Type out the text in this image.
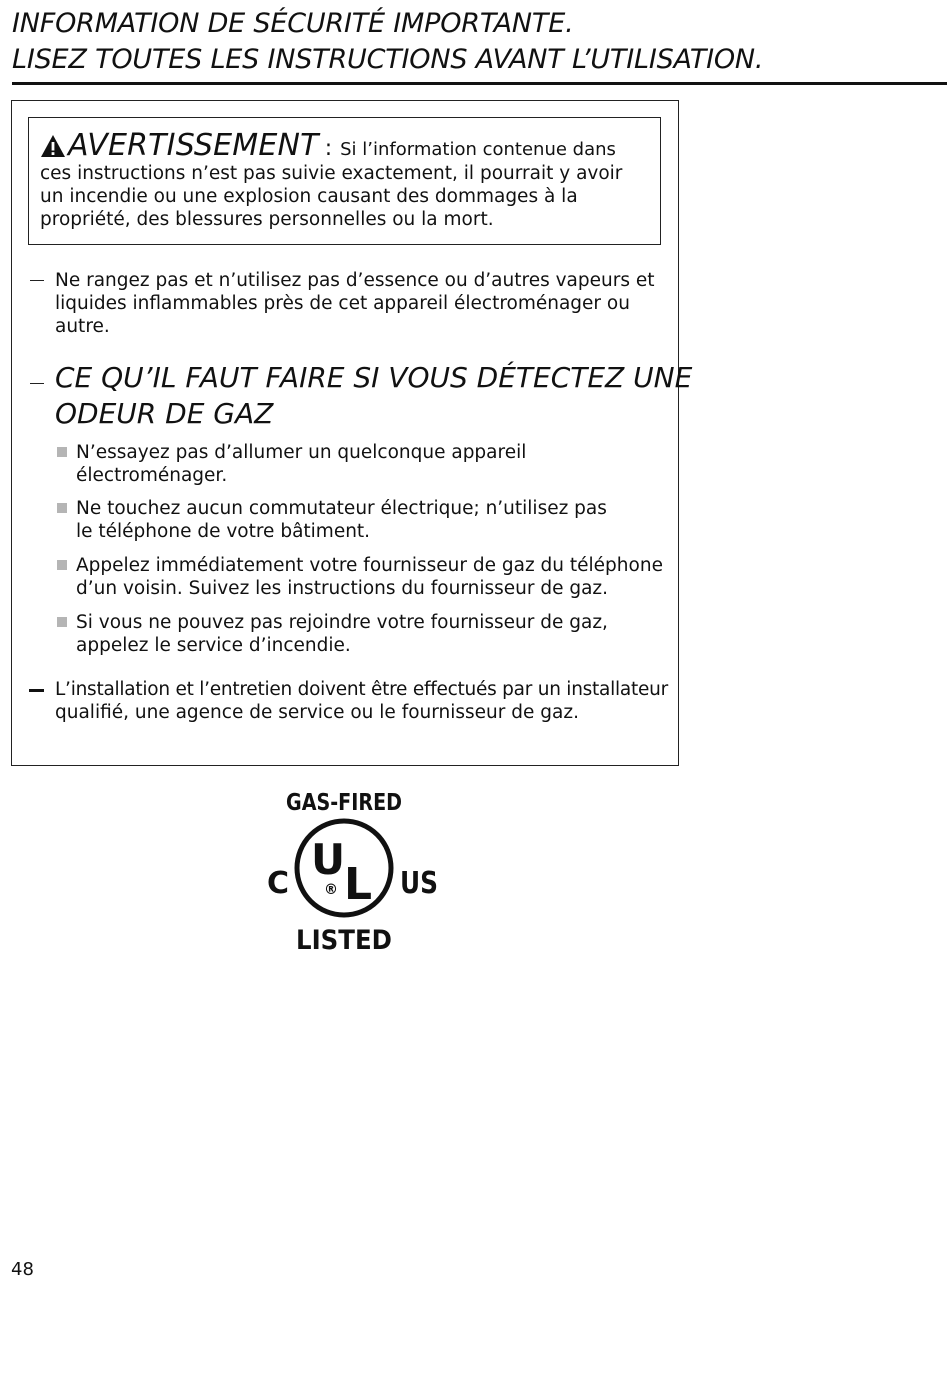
INFORMATION DE SÉCURITÉ IMPORTANTE.
LISEZ TOUTES LES INSTRUCTIONS AVANT L’UTILISATION.
AVERTISSEMENT : Si l’information contenue dans
ces instructions n’est pas suivie exactement, il pourrait y avoir
un incendie ou une explosion causant des dommages à la
propriété, des blessures personnelles ou la mort.
Ne rangez pas et n’utilisez pas d’essence ou d’autres vapeurs et
liquides inflammables près de cet appareil électroménager ou
autre.
CE QU’IL FAUT FAIRE SI VOUS DÉTECTEZ UNE
ODEUR DE GAZ
N’essayez pas d’allumer un quelconque appareil
électroménager.
Ne touchez aucun commutateur électrique; n’utilisez pas
le téléphone de votre bâtiment.
Appelez immédiatement votre fournisseur de gaz du téléphone
d’un voisin. Suivez les instructions du fournisseur de gaz.
Si vous ne pouvez pas rejoindre votre fournisseur de gaz,
appelez le service d’incendie.
L’installation et l’entretien doivent être effectués par un installateur
qualifié, une agence de service ou le fournisseur de gaz.
GAS-FIRED
C	US
LISTED
U
L
®
48
